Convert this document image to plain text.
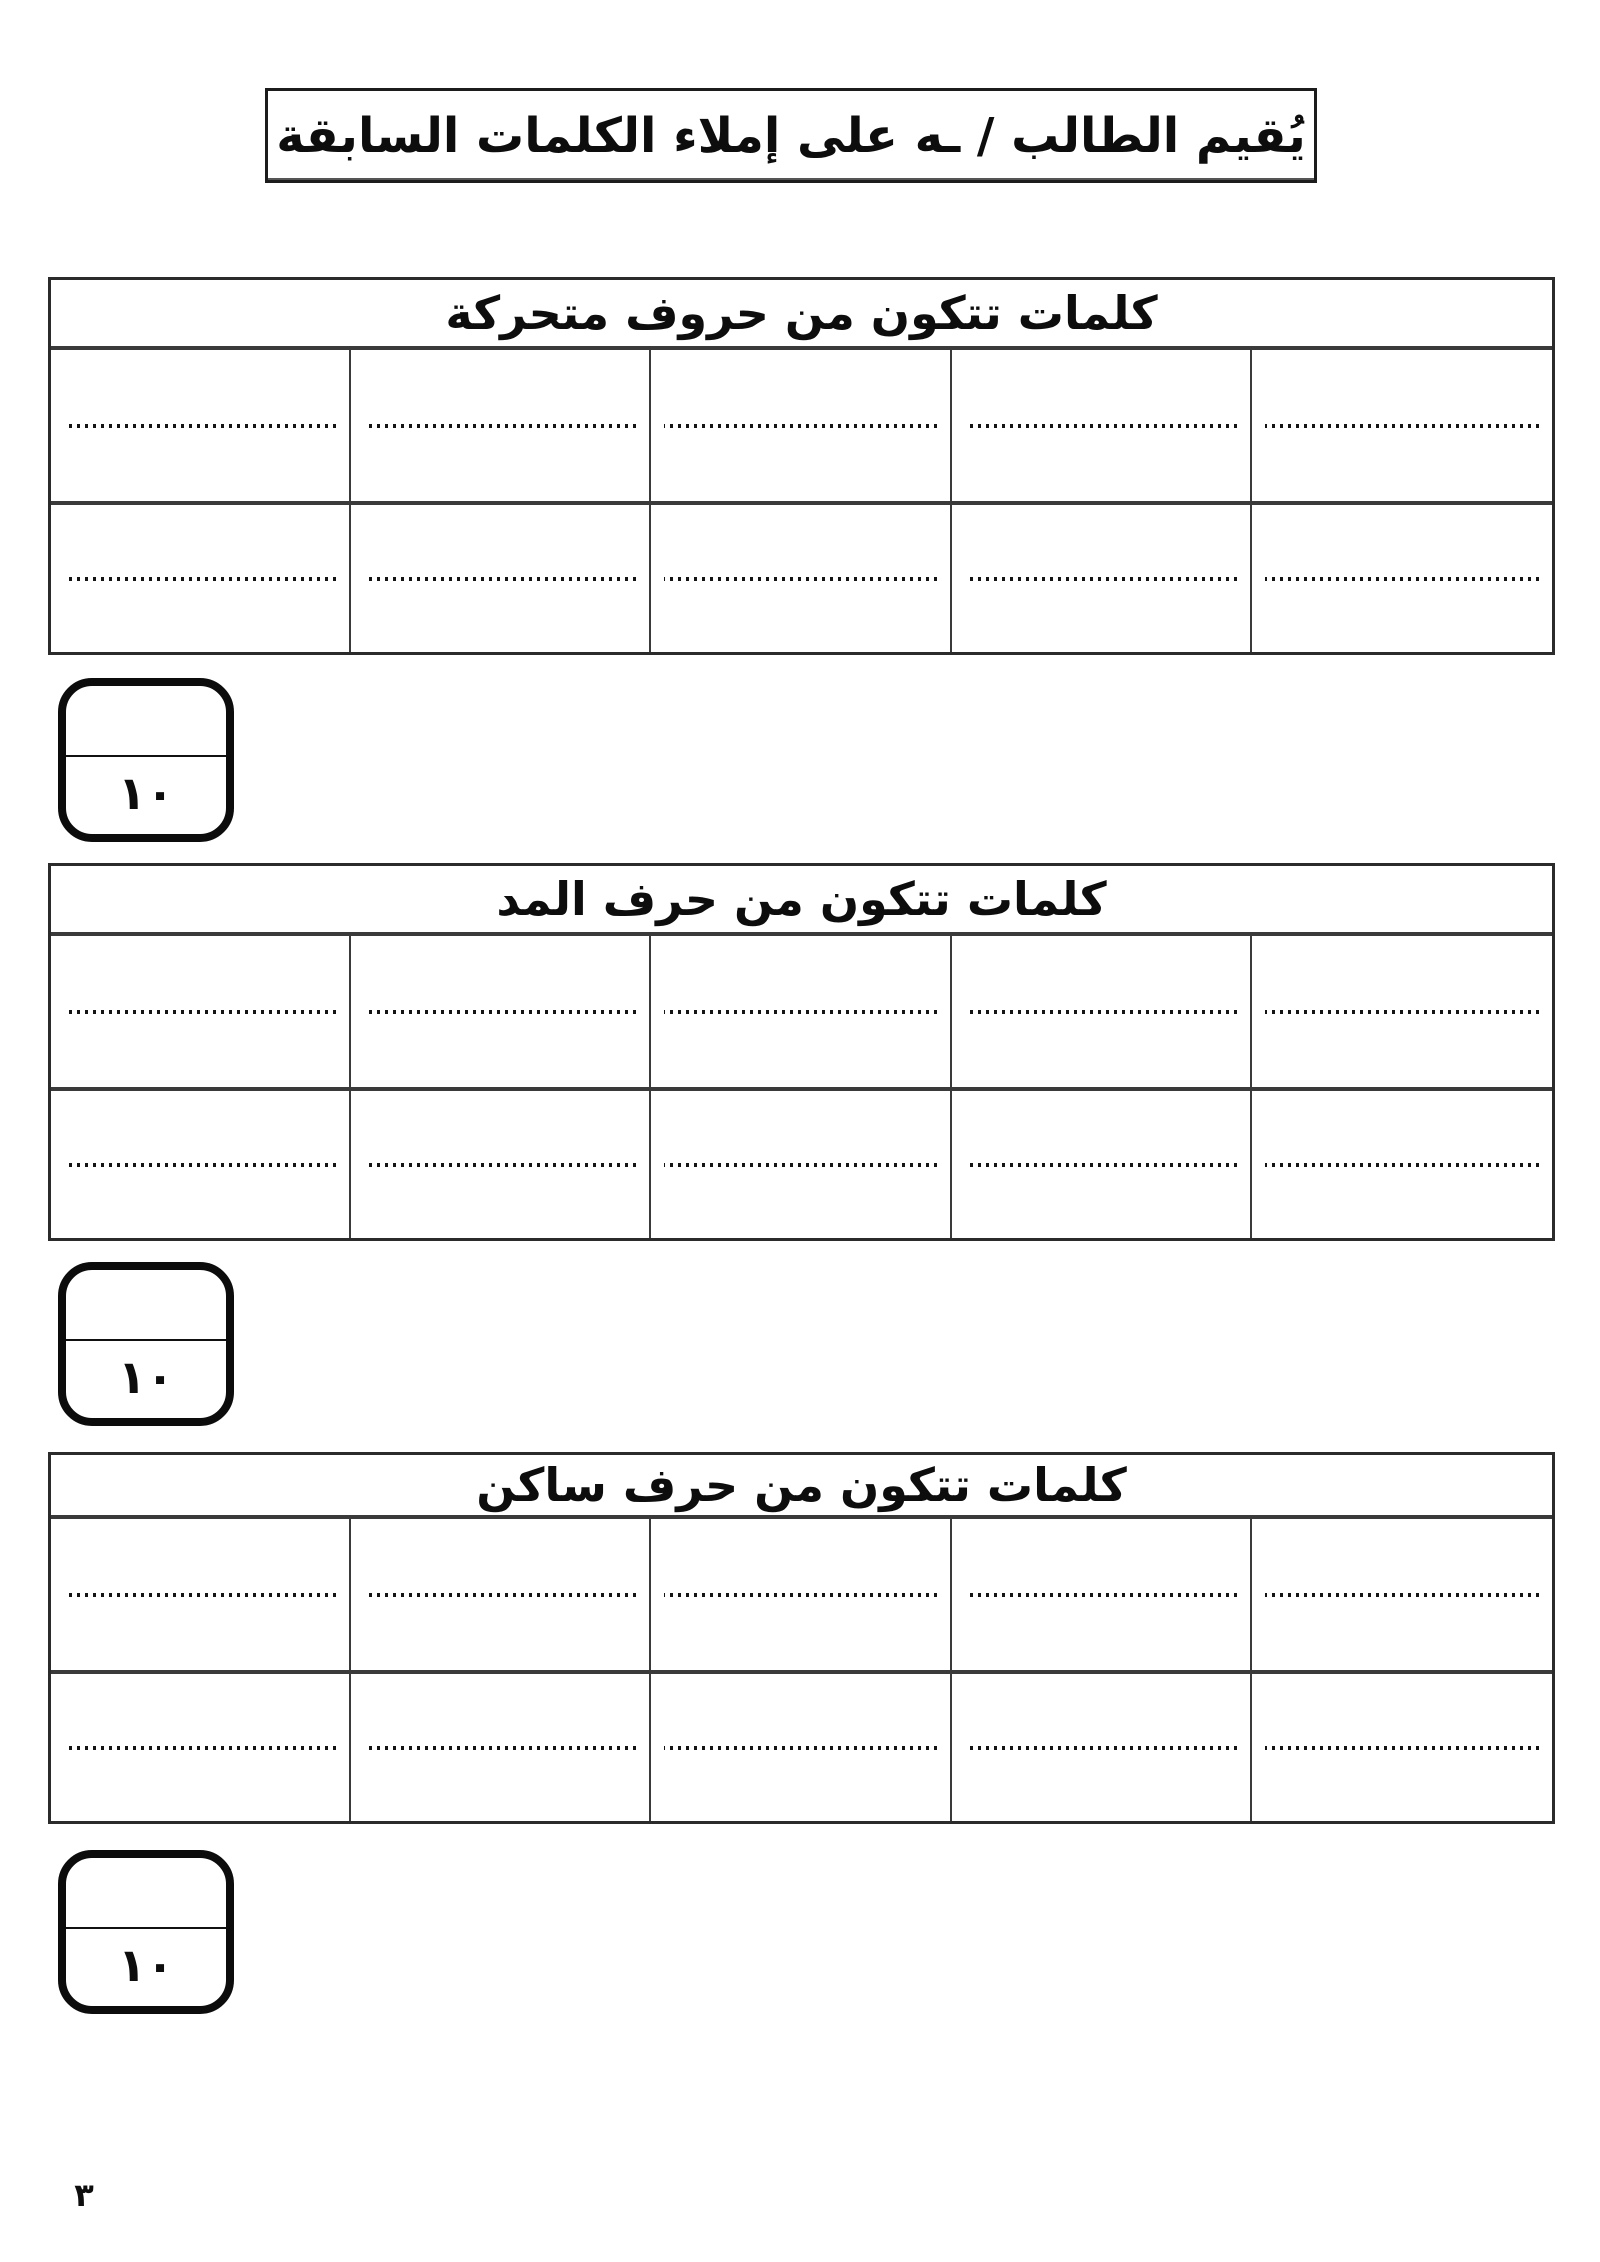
يُقيم الطالب / ـه على إملاء الكلمات السابقة
كلمات تتكون من حروف متحركة
١٠
كلمات تتكون من حرف المد
١٠
كلمات تتكون من حرف ساكن
١٠
٣
